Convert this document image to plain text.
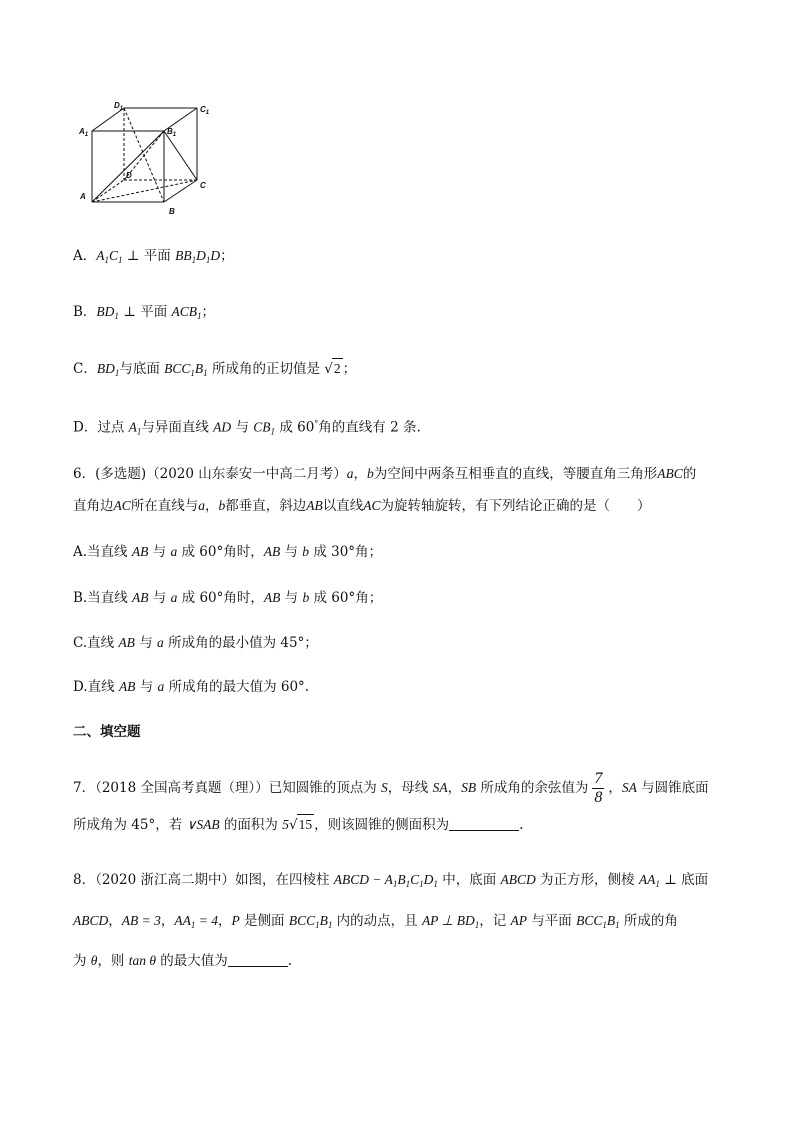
$D_1$	$C_1$
$A_1$	$B_1$
D
C
A
B
A．$A_1C_1$ ⊥ 平面 $BB_1D_1D$；
B．$BD_1$ ⊥ 平面 $ACB_1$；
C．$BD_1$与底面 $BCC_1B_1$ 所成角的正切值是 √2 ；
D．过点 $A_1$与异面直线 AD 与 $CB_1$ 成 60°角的直线有 2 条.
6．(多选题)（2020 山东泰安一中高二月考）a，b为空间中两条互相垂直的直线，等腰直角三角形ABC的
直角边AC所在直线与a，b都垂直，斜边AB以直线AC为旋转轴旋转，有下列结论正确的是（　　）
A.当直线 AB 与 a 成 60°角时，AB 与 b 成 30°角；
B.当直线 AB 与 a 成 60°角时，AB 与 b 成 60°角；
C.直线 AB 与 a 所成角的最小值为 45°；
D.直线 AB 与 a 所成角的最大值为 60°.
二、填空题
7．（2018 全国高考真题（理））已知圆锥的顶点为 S，母线 SA，SB 所成角的余弦值为 $\frac{7}{8}$ ，SA 与圆锥底面
所成角为 45°，若 ∨SAB 的面积为 5√15 ，则该圆锥的侧面积为	.
8．（2020 浙江高二期中）如图，在四棱柱 ABCD − $A_1B_1C_1D_1$ 中，底面 ABCD 为正方形，侧棱 $AA_1$ ⊥ 底面
ABCD，AB = 3，$AA_1 = 4$，P 是侧面 $BCC_1B_1$ 内的动点，且 AP ⊥ $BD_1$，记 AP 与平面 $BCC_1B_1$ 所成的角
为 θ，则 tan θ 的最大值为	.
